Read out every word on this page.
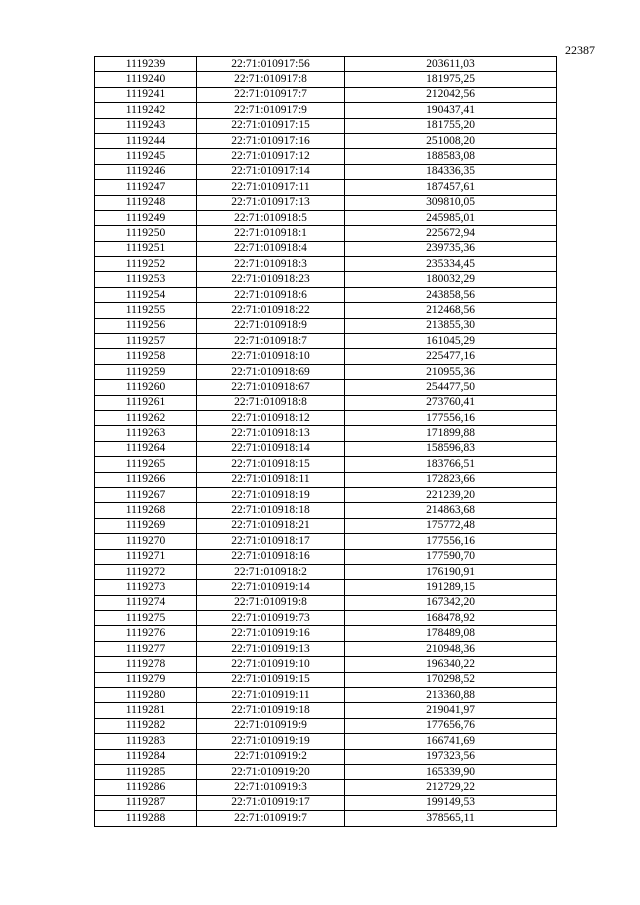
22387
1119239	22:71:010917:56	203611,03
1119240	22:71:010917:8	181975,25
1119241	22:71:010917:7	212042,56
1119242	22:71:010917:9	190437,41
1119243	22:71:010917:15	181755,20
1119244	22:71:010917:16	251008,20
1119245	22:71:010917:12	188583,08
1119246	22:71:010917:14	184336,35
1119247	22:71:010917:11	187457,61
1119248	22:71:010917:13	309810,05
1119249	22:71:010918:5	245985,01
1119250	22:71:010918:1	225672,94
1119251	22:71:010918:4	239735,36
1119252	22:71:010918:3	235334,45
1119253	22:71:010918:23	180032,29
1119254	22:71:010918:6	243858,56
1119255	22:71:010918:22	212468,56
1119256	22:71:010918:9	213855,30
1119257	22:71:010918:7	161045,29
1119258	22:71:010918:10	225477,16
1119259	22:71:010918:69	210955,36
1119260	22:71:010918:67	254477,50
1119261	22:71:010918:8	273760,41
1119262	22:71:010918:12	177556,16
1119263	22:71:010918:13	171899,88
1119264	22:71:010918:14	158596,83
1119265	22:71:010918:15	183766,51
1119266	22:71:010918:11	172823,66
1119267	22:71:010918:19	221239,20
1119268	22:71:010918:18	214863,68
1119269	22:71:010918:21	175772,48
1119270	22:71:010918:17	177556,16
1119271	22:71:010918:16	177590,70
1119272	22:71:010918:2	176190,91
1119273	22:71:010919:14	191289,15
1119274	22:71:010919:8	167342,20
1119275	22:71:010919:73	168478,92
1119276	22:71:010919:16	178489,08
1119277	22:71:010919:13	210948,36
1119278	22:71:010919:10	196340,22
1119279	22:71:010919:15	170298,52
1119280	22:71:010919:11	213360,88
1119281	22:71:010919:18	219041,97
1119282	22:71:010919:9	177656,76
1119283	22:71:010919:19	166741,69
1119284	22:71:010919:2	197323,56
1119285	22:71:010919:20	165339,90
1119286	22:71:010919:3	212729,22
1119287	22:71:010919:17	199149,53
1119288	22:71:010919:7	378565,11
